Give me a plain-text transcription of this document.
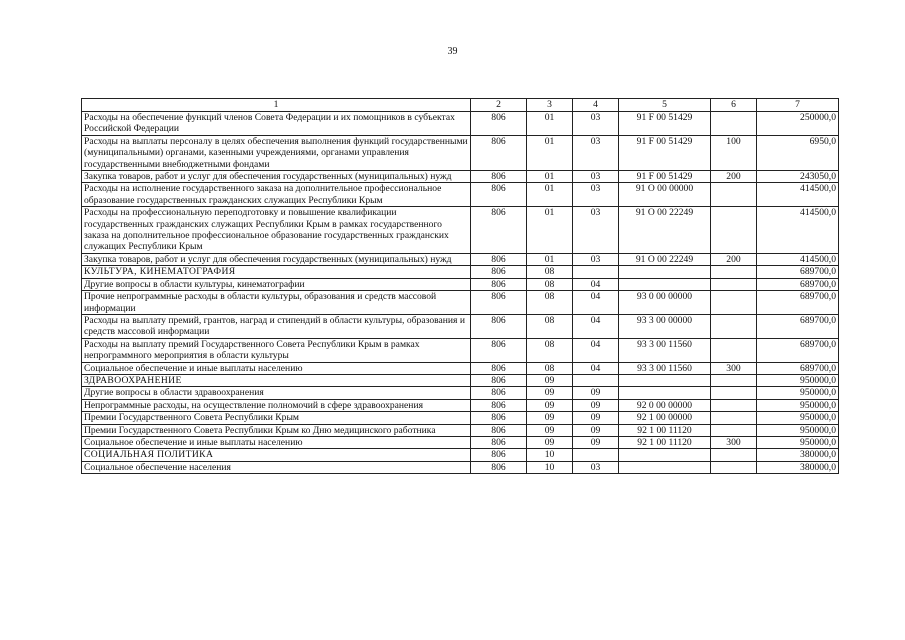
39
1	2	3	4	5	6	7
Расходы на обеспечение функций членов Совета Федерации и их помощников в субъектах Российской Федерации	806	01	03	91 F 00 51429		250000,0
Расходы на выплаты персоналу в целях обеспечения выполнения функций государственными (муниципальными) органами, казенными учреждениями, органами управления государственными внебюджетными фондами	806	01	03	91 F 00 51429	100	6950,0
Закупка товаров, работ и услуг для обеспечения государственных (муниципальных) нужд	806	01	03	91 F 00 51429	200	243050,0
Расходы на исполнение государственного заказа на дополнительное профессиональное образование государственных гражданских служащих Республики Крым	806	01	03	91 О 00 00000		414500,0
Расходы на профессиональную переподготовку и повышение квалификации государственных гражданских служащих Республики Крым в рамках государственного заказа на дополнительное профессиональное образование государственных гражданских служащих Республики Крым	806	01	03	91 О 00 22249		414500,0
Закупка товаров, работ и услуг для обеспечения государственных (муниципальных) нужд	806	01	03	91 О 00 22249	200	414500,0
КУЛЬТУРА, КИНЕМАТОГРАФИЯ	806	08				689700,0
Другие вопросы в области культуры, кинематографии	806	08	04			689700,0
Прочие непрограммные расходы в области культуры, образования и средств массовой информации	806	08	04	93 0 00 00000		689700,0
Расходы на выплату премий, грантов, наград и стипендий в области культуры, образования и средств массовой информации	806	08	04	93 3 00 00000		689700,0
Расходы на выплату премий Государственного Совета Республики Крым в рамках непрограммного мероприятия в области культуры	806	08	04	93 3 00 11560		689700,0
Социальное обеспечение и иные выплаты населению	806	08	04	93 3 00 11560	300	689700,0
ЗДРАВООХРАНЕНИЕ	806	09				950000,0
Другие вопросы в области здравоохранения	806	09	09			950000,0
Непрограммные расходы, на осуществление полномочий в сфере здравоохранения	806	09	09	92 0 00 00000		950000,0
Премии Государственного Совета Республики Крым	806	09	09	92 1 00 00000		950000,0
Премии Государственного Совета Республики Крым ко Дню медицинского работника	806	09	09	92 1 00 11120		950000,0
Социальное обеспечение и иные выплаты населению	806	09	09	92 1 00 11120	300	950000,0
СОЦИАЛЬНАЯ ПОЛИТИКА	806	10				380000,0
Социальное обеспечение населения	806	10	03			380000,0
